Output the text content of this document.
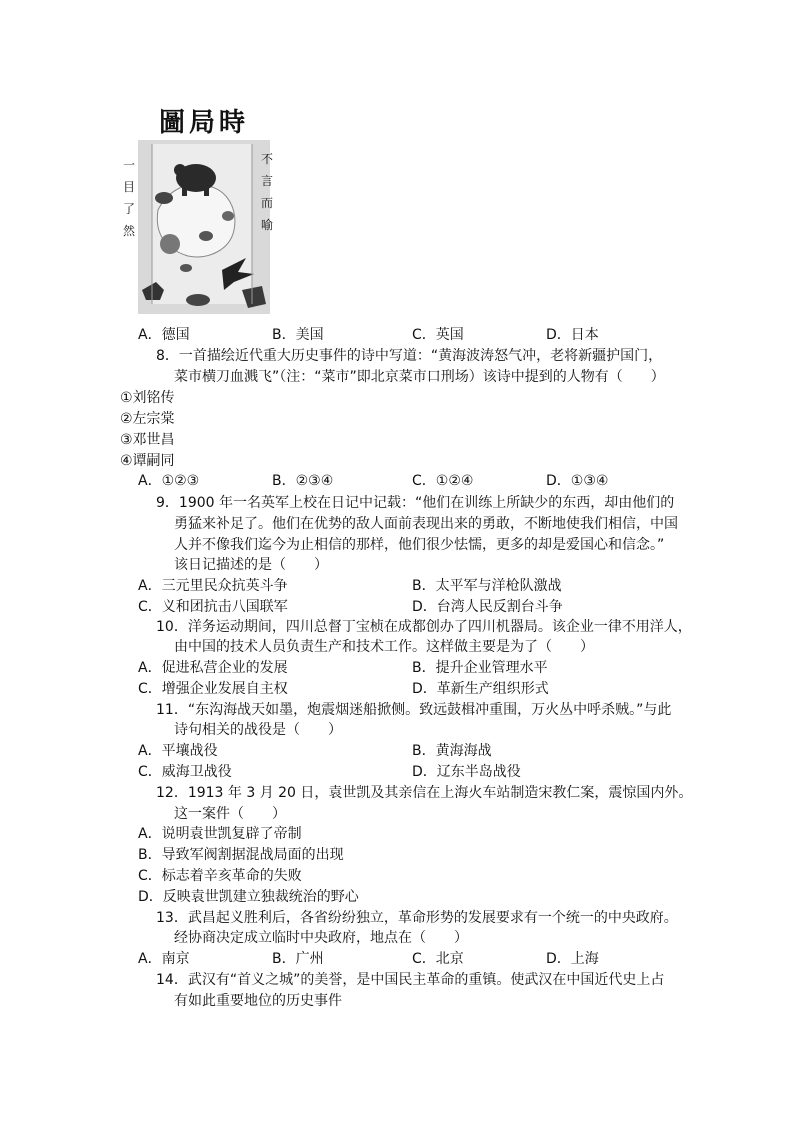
圖局時
一目了然
不言而喻
A．德国	B．美国	C．英国	D．日本
8．一首描绘近代重大历史事件的诗中写道：“黄海波涛怒气冲，老将新疆护国门，
菜市横刀血溅飞”（注：“菜市”即北京菜市口刑场）该诗中提到的人物有（　　）
①刘铭传
②左宗棠
③邓世昌
④谭嗣同
A．①②③	B．②③④	C．①②④	D．①③④
9．1900 年一名英军上校在日记中记载：“他们在训练上所缺少的东西，却由他们的
勇猛来补足了。他们在优势的敌人面前表现出来的勇敢，不断地使我们相信，中国
人并不像我们迄今为止相信的那样，他们很少怯懦，更多的却是爱国心和信念。”
该日记描述的是（　　）
A．三元里民众抗英斗争	B．太平军与洋枪队激战
C．义和团抗击八国联军	D．台湾人民反割台斗争
10．洋务运动期间，四川总督丁宝桢在成都创办了四川机器局。该企业一律不用洋人，
由中国的技术人员负责生产和技术工作。这样做主要是为了（　　）
A．促进私营企业的发展	B．提升企业管理水平
C．增强企业发展自主权	D．革新生产组织形式
11．“东沟海战天如墨，炮震烟迷船掀侧。致远鼓楫冲重围，万火丛中呼杀贼。”与此
诗句相关的战役是（　　）
A．平壤战役	B．黄海海战
C．威海卫战役	D．辽东半岛战役
12．1913 年 3 月 20 日，袁世凯及其亲信在上海火车站制造宋教仁案，震惊国内外。
这一案件（　　）
A．说明袁世凯复辟了帝制
B．导致军阀割据混战局面的出现
C．标志着辛亥革命的失败
D．反映袁世凯建立独裁统治的野心
13．武昌起义胜利后，各省纷纷独立，革命形势的发展要求有一个统一的中央政府。
经协商决定成立临时中央政府，地点在（　　）
A．南京	B．广州	C．北京	D．上海
14．武汉有“首义之城”的美誉，是中国民主革命的重镇。使武汉在中国近代史上占
有如此重要地位的历史事件
